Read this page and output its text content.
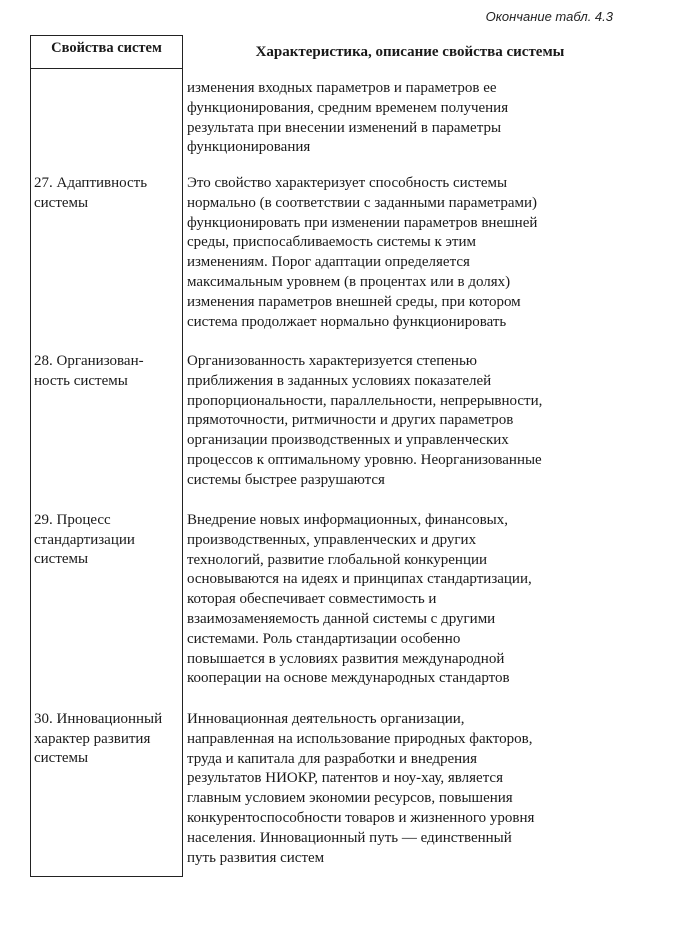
Окончание табл. 4.3
Свойства систем	Характеристика, описание свойства системы
изменения входных параметров и параметров ее
функционирования, средним временем получения
результата при внесении изменений в параметры
функционирования
27. Адаптивность
системы
Это свойство характеризует способность системы
нормально (в соответствии с заданными параметрами)
функционировать при изменении параметров внешней
среды, приспосабливаемость системы к этим
изменениям. Порог адаптации определяется
максимальным уровнем (в процентах или в долях)
изменения параметров внешней среды, при котором
система продолжает нормально функционировать
28. Организован-
ность системы
Организованность характеризуется степенью
приближения в заданных условиях показателей
пропорциональности, параллельности, непрерывности,
прямоточности, ритмичности и других параметров
организации производственных и управленческих
процессов к оптимальному уровню. Неорганизованные
системы быстрее разрушаются
29. Процесс
стандартизации
системы
Внедрение новых информационных, финансовых,
производственных, управленческих и других
технологий, развитие глобальной конкуренции
основываются на идеях и принципах стандартизации,
которая обеспечивает совместимость и
взаимозаменяемость данной системы с другими
системами. Роль стандартизации особенно
повышается в условиях развития международной
кооперации на основе международных стандартов
30. Инновационный
характер развития
системы
Инновационная деятельность организации,
направленная на использование природных факторов,
труда и капитала для разработки и внедрения
результатов НИОКР, патентов и ноу-хау, является
главным условием экономии ресурсов, повышения
конкурентоспособности товаров и жизненного уровня
населения. Инновационный путь — единственный
путь развития систем
